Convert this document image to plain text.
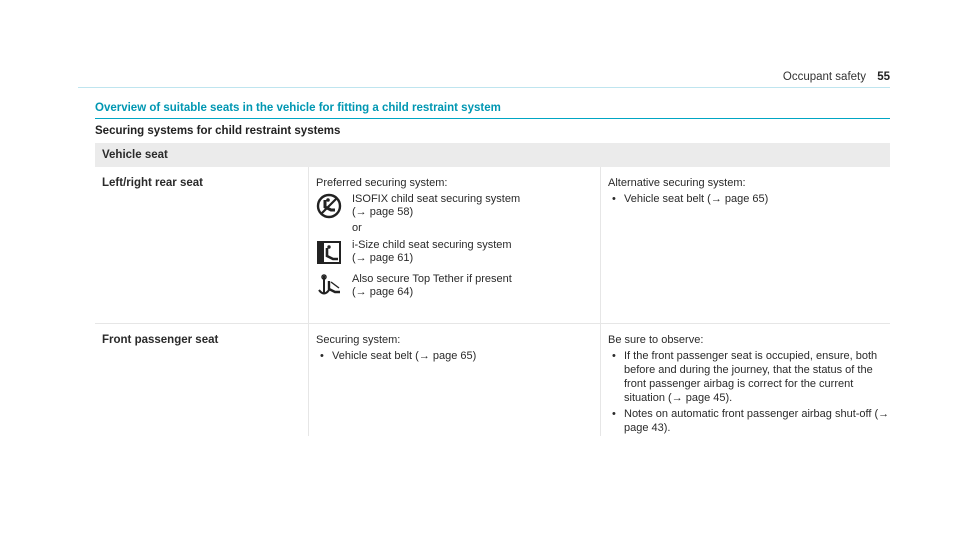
Occupant safety 55
Overview of suitable seats in the vehicle for fitting a child restraint system
Securing systems for child restraint systems
Vehicle seat
Left/right rear seat	Preferred securing system:
ISOFIX child seat securing system
(→ page 58)
or
i-Size child seat securing system
(→ page 61)
Also secure Top Tether if present
(→ page 64)
Alternative securing system:
• Vehicle seat belt (→ page 65)
Front passenger seat	Securing system:
• Vehicle seat belt (→ page 65)
Be sure to observe:
• If the front passenger seat is occupied, ensure, both before and during the journey, that the status of the front passenger airbag is correct for the current situation (→ page 45).
• Notes on automatic front passenger airbag shut-off (→ page 43).
